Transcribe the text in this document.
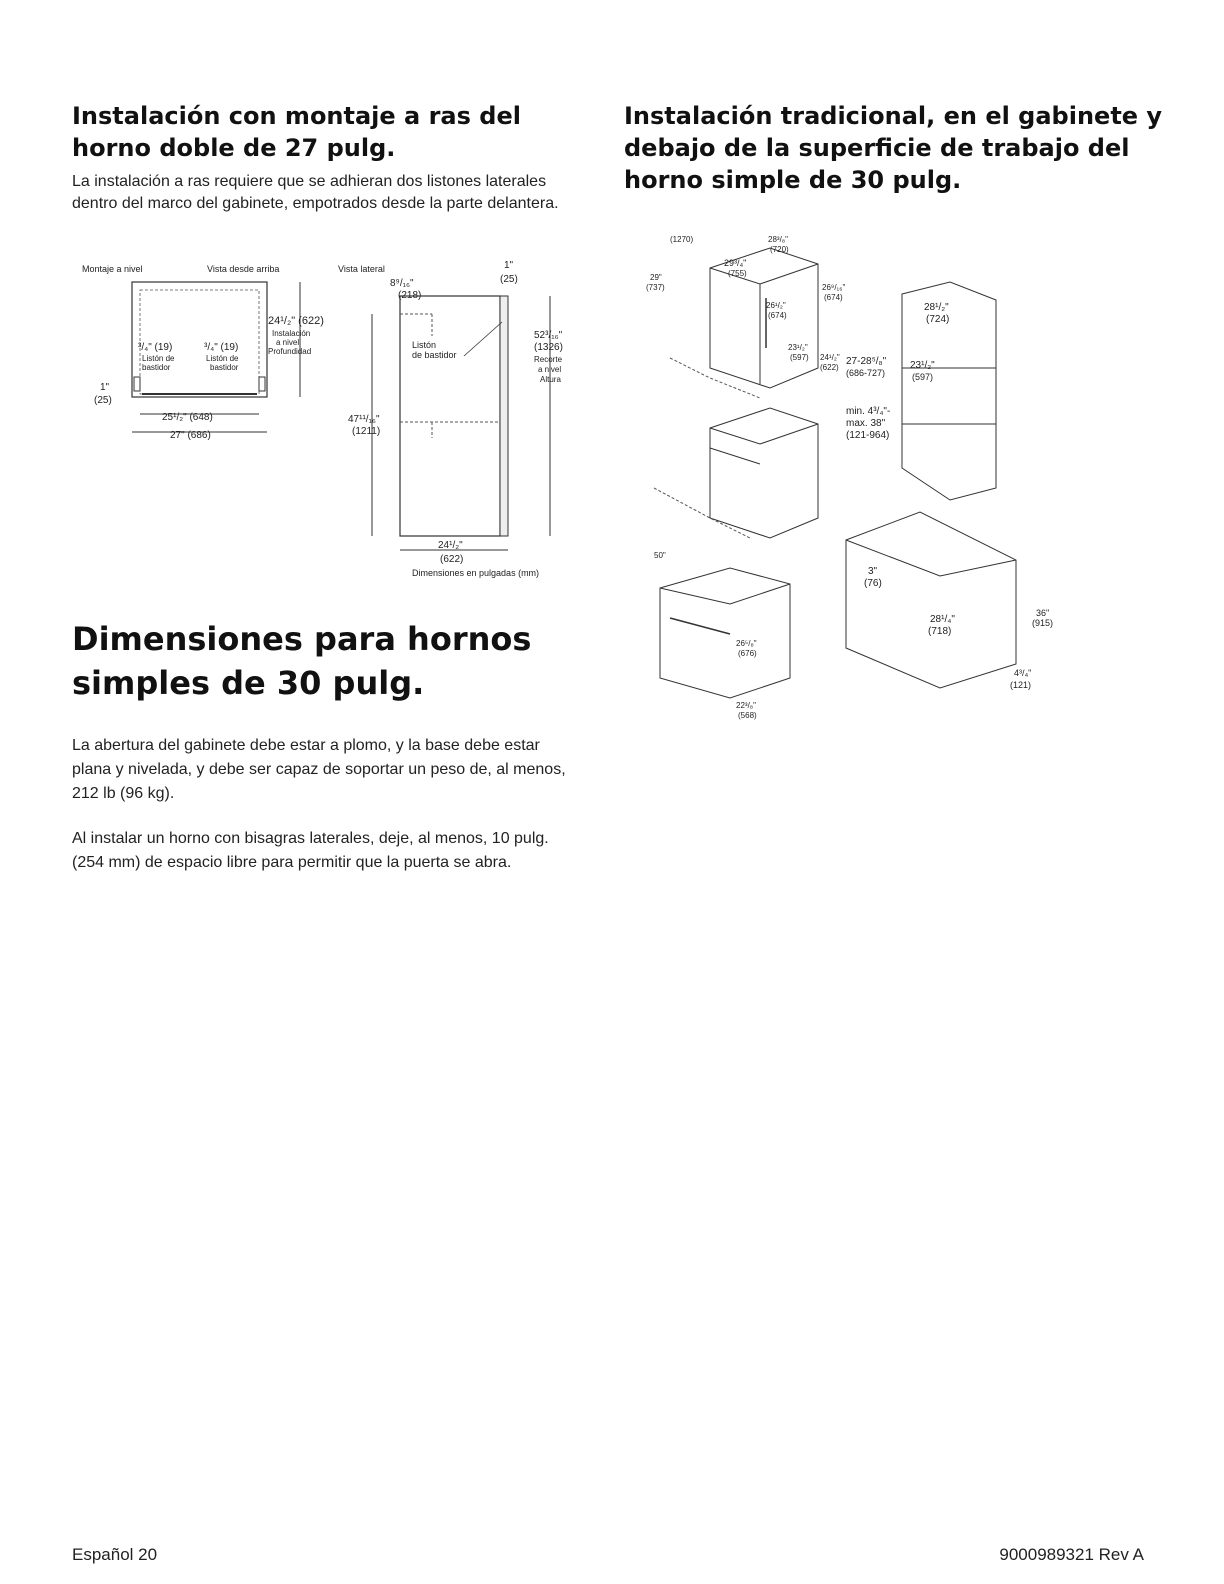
Instalación con montaje a ras del horno doble de 27 pulg.

La instalación a ras requiere que se adhieran dos listones laterales dentro del marco del gabinete, empotrados desde la parte delantera.

Montaje a nivel	Vista desde arriba
24¹/₂" (622)
Instalación
a nivel
Profundidad
³/₄" (19)
Listón de
bastidor
³/₄" (19)
Listón de
bastidor
1"
(25)
25¹/₂" (648)
27" (686)
Vista lateral
8⁹/₁₆"
(218)
1"
(25)
Listón
de bastidor
52³/₁₆"
(1326)
Recorte
a nivel
Altura
47¹¹/₁₆"
(1211)
24¹/₂"
(622)
Dimensiones en pulgadas (mm)
Dimensiones para hornos simples de 30 pulg.

La abertura del gabinete debe estar a plomo, y la base debe estar plana y nivelada, y debe ser capaz de soportar un peso de, al menos, 212 lb (96 kg).

Al instalar un horno con bisagras laterales, deje, al menos, 10 pulg. (254 mm) de espacio libre para permitir que la puerta se abra.

Instalación tradicional, en el gabinete y debajo de la superficie de trabajo del horno simple de 30 pulg.
(1270)	28³/₈"
(720)
29³/₄"
(755)
29"
(737)
26¹/₂"
(674)
26⁹/₁₆"
(674)
23¹/₂"
(597) 24¹/₂"
(622)
50"
26⁵/₈"
(676)
22³/₈"
(568)
28¹/₂"
(724)
27-28⁵/₈"
(686-727)
23¹/₂"
(597)
min. 4³/₄"-
max. 38"
(121-964)
3"
(76)
28¹/₄"
(718)
36"
(915)
4³/₄"
(121)
Español 20	9000989321 Rev A
